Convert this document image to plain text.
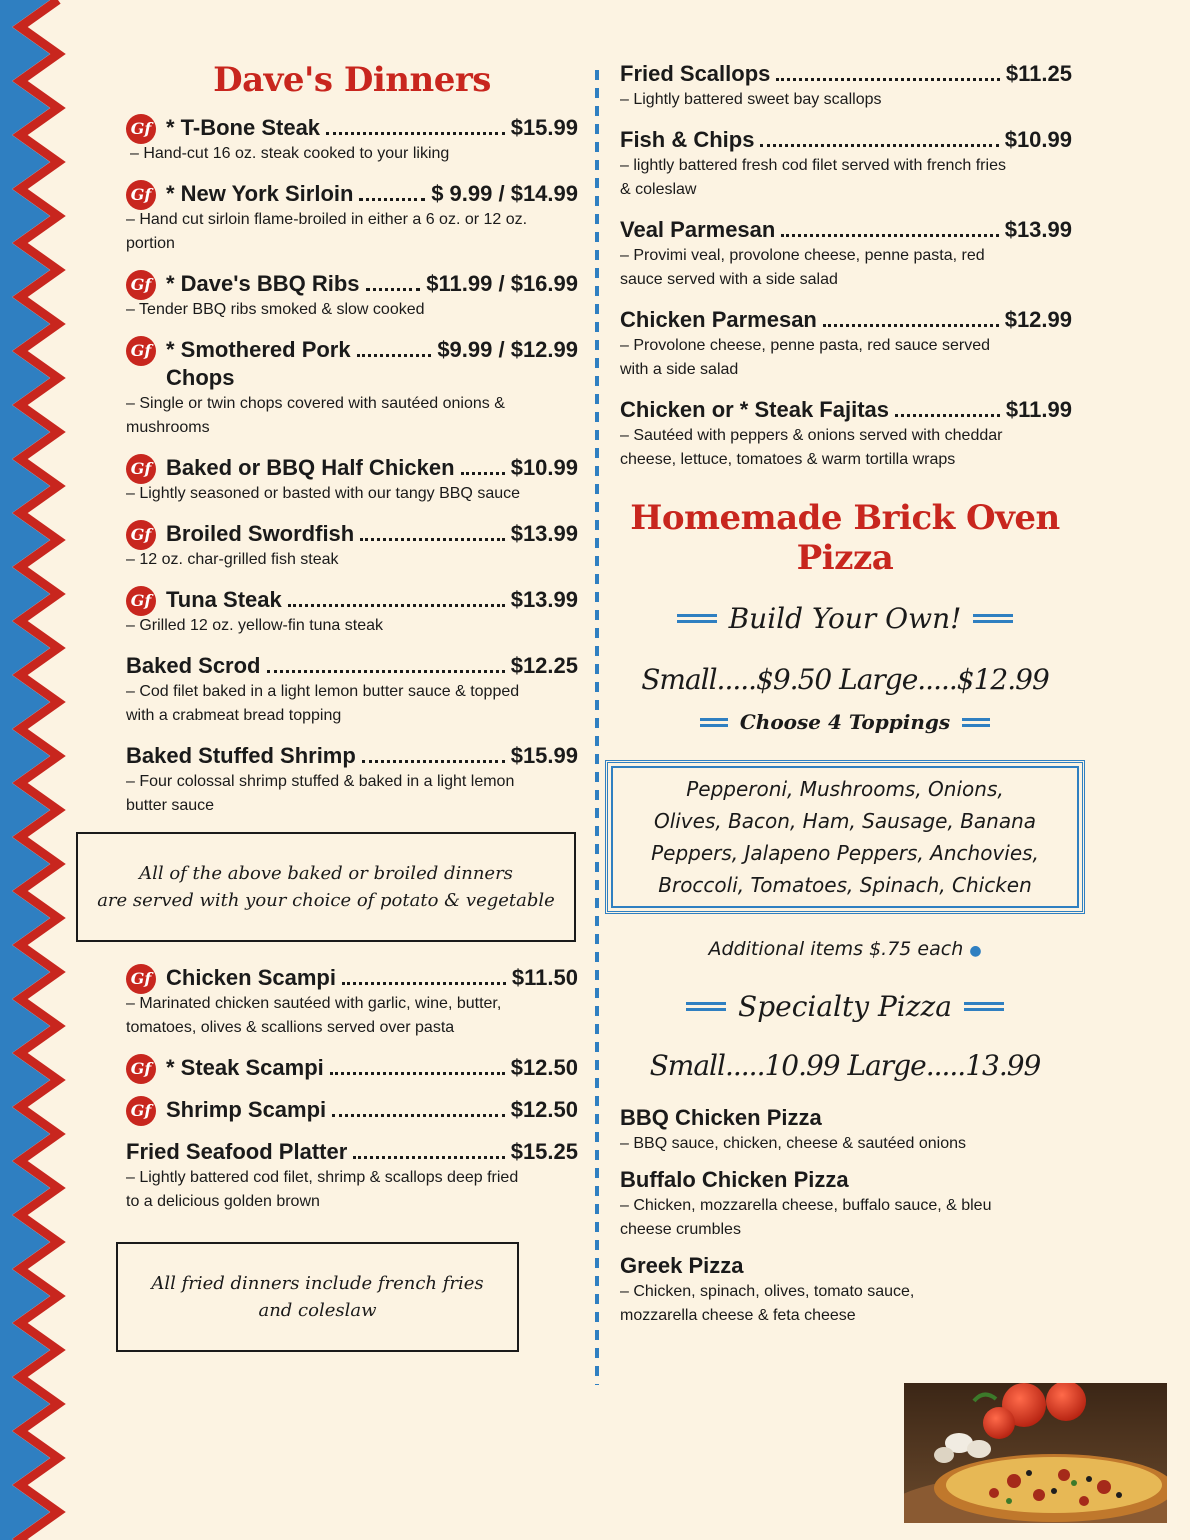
Dave's Dinners
Gf * T-Bone Steak	$15.99
– Hand-cut 16 oz. steak cooked to your liking
Gf * New York Sirloin	$ 9.99 / $14.99
– Hand cut sirloin flame-broiled in either a 6 oz. or 12 oz. portion
Gf * Dave's BBQ Ribs	$11.99 / $16.99
– Tender BBQ ribs smoked & slow cooked
Gf * Smothered Pork	$9.99 / $12.99
Chops
– Single or twin chops covered with sautéed onions & mushrooms
Gf Baked or BBQ Half Chicken	$10.99
– Lightly seasoned or basted with our tangy BBQ sauce
Gf Broiled Swordfish	$13.99
– 12 oz. char-grilled fish steak
Gf Tuna Steak	$13.99
– Grilled 12 oz. yellow-fin tuna steak
Baked Scrod	$12.25
– Cod filet baked in a light lemon butter sauce & topped with a crabmeat bread topping
Baked Stuffed Shrimp	$15.99
– Four colossal shrimp stuffed & baked in a light lemon butter sauce
All of the above baked or broiled dinners
are served with your choice of potato & vegetable
Gf Chicken Scampi	$11.50
– Marinated chicken sautéed with garlic, wine, butter, tomatoes, olives & scallions served over pasta
Gf * Steak Scampi	$12.50
Gf Shrimp Scampi	$12.50
Fried Seafood Platter	$15.25
– Lightly battered cod filet, shrimp & scallops deep fried to a delicious golden brown
All fried dinners include french fries
and coleslaw
Fried Scallops	$11.25
– Lightly battered sweet bay scallops
Fish & Chips	$10.99
– lightly battered fresh cod filet served with french fries & coleslaw
Veal Parmesan	$13.99
– Provimi veal, provolone cheese, penne pasta, red sauce served with a side salad
Chicken Parmesan	$12.99
– Provolone cheese, penne pasta, red sauce served with a side salad
Chicken or * Steak Fajitas	$11.99
– Sautéed with peppers & onions served with cheddar cheese, lettuce, tomatoes & warm tortilla wraps
Homemade Brick Oven Pizza
Build Your Own!
Small.....$9.50 Large.....$12.99
Choose 4 Toppings
Pepperoni, Mushrooms, Onions,
Olives, Bacon, Ham, Sausage, Banana
Peppers, Jalapeno Peppers, Anchovies,
Broccoli, Tomatoes, Spinach, Chicken
Additional items $.75 each ●
Specialty Pizza
Small.....10.99 Large.....13.99
BBQ Chicken Pizza
– BBQ sauce, chicken, cheese & sautéed onions
Buffalo Chicken Pizza
– Chicken, mozzarella cheese, buffalo sauce, & bleu cheese crumbles
Greek Pizza
– Chicken, spinach, olives, tomato sauce, mozzarella cheese & feta cheese
